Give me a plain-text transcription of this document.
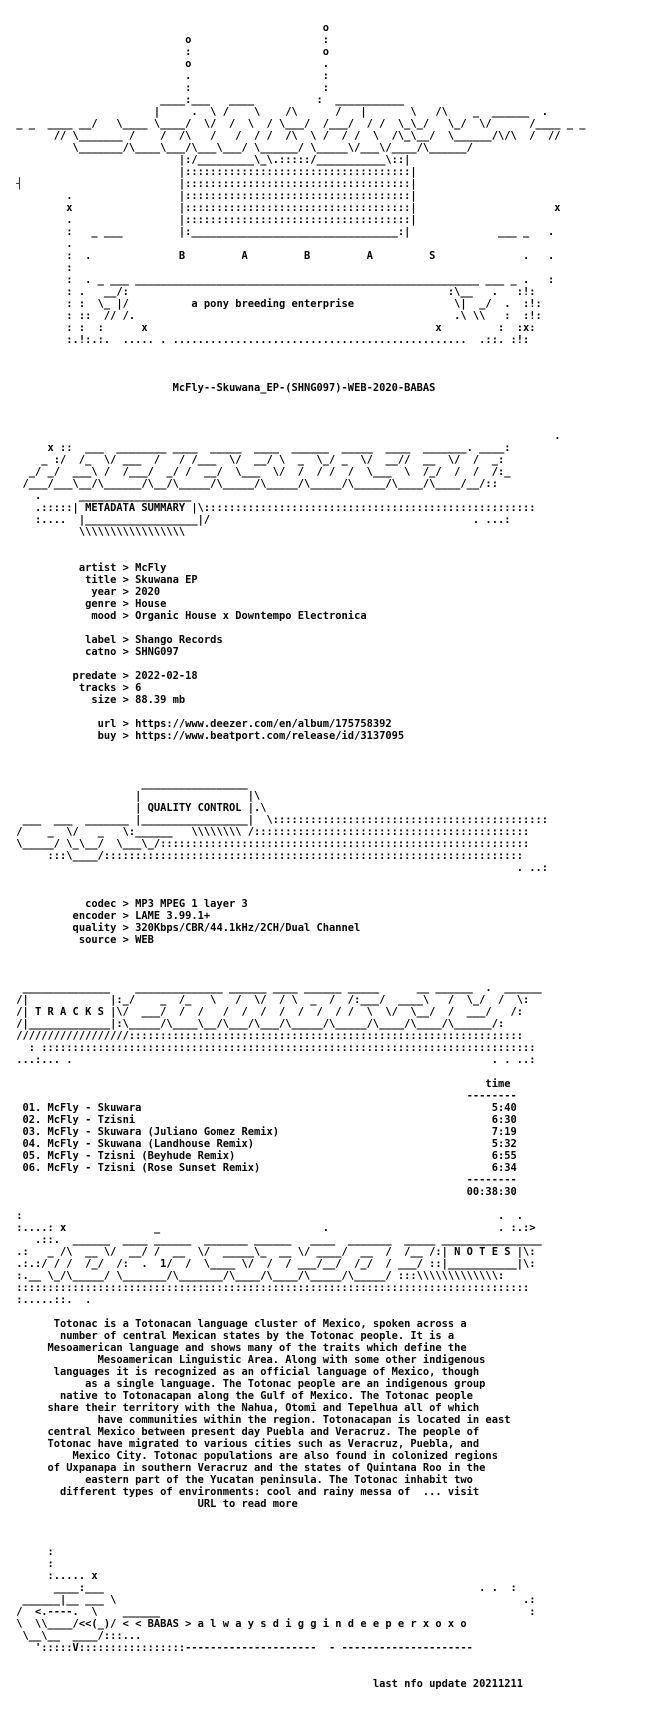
o
o                     :
:                     o
o                     .
.                     :
:                     :
____:___   ____          :  ___________
|     .  \ /    \    /\      /   |       \   /\    _  ______  .
_ _  ____ __/   \____ \____/  \/  /  \  / \___/  /___/  / /  \_\_/   \_/  \/      /____ _ _
// \_______ /    /  /\   /   /  / /  /\  \ /  / /  \  /\_\__/  \______/\/\  /  //
\_______/\____\___/\___\___/ \______/ \_____\/___\/____/\______/
|:/_________\_\.:::::/___________\::|
|::::::::::::::::::::::::::::::::::::|
┤                         |::::::::::::::::::::::::::::::::::::|
.                 |::::::::::::::::::::::::::::::::::::|
x                 |::::::::::::::::::::::::::::::::::::|                      x
.                 |::::::::::::::::::::::::::::::::::::|
:   _ ___         |:_________________________________:|              ___ _   .
.
:  .              B         A         B         A         S              .   .
:
:  . _ ___ _______________________________________________________ ___ _ .   :
: .   __/:                                                   :\__   .   :!:
: :  \_ |/          a pony breeding enterprise                \|  _/  .  :!:
: ::  // /.                                                   .\ \\   :  :!:
: :  :      x                                              x         :  :x:
:.!:.:.  ..... . ...............................................  .::. :!:

McFly--Skuwana_EP-(SHNG097)-WEB-2020-BABAS

.
x ::  ___  ________ ____  _____  ____  ______  _____  ____  _______. ____:
_ :/  /_  \/ ___  /   / /___  \/  __/ \  _  \_/ _  \/  __//  __  \/  /  _:
_/ _/  ___\ /  /___/  _/ /  __/  \___  \/  /  / /  /  \___  \  /_/  /  /  /:_
/___/___\__/\______/\__/\_____/\_____/\_____/\_____/\_____/\____/\____/__/::
.      __________________
.:::::| METADATA SUMMARY |\:::::::::::::::::::::::::::::::::::::::::::::::::::::
:....  |__________________|/                                          . ...:
\\\\\\\\\\\\\\\\\

artist > McFly
title > Skuwana EP
year > 2020
genre > House
mood > Organic House x Downtempo Electronica

label > Shango Records
catno > SHNG097

predate > 2022-02-18
tracks > 6
size > 88.39 mb

url > https://www.deezer.com/en/album/175758392
buy > https://www.beatport.com/release/id/3137095

_________________
|                 |\
| QUALITY CONTROL |.\
___  ___  _______ |_________________|  \::::::::::::::::::::::::::::::::::::::::::::
/    _  \/   _   \:______   \\\\\\\\ /::::::::::::::::::::::::::::::::::::::::::::
\_____/ \_\__/  \___\_/:::::::::::::::::::::::::::::::::::::::::::::::::::::::::::
:::\____/:::::::::::::::::::::::::::::::::::::::::::::::::::::::::::::::::::
. ..:

codec > MP3 MPEG 1 layer 3
encoder > LAME 3.99.1+
quality > 320Kbps/CBR/44.1kHz/2CH/Dual Channel
source > WEB

______________    ______________ ______ ____ ______ _____      __ ______  .  ______
/|             |:_/    _  /_   \   /  \/  / \  _  /  /:___/  ____\   /  \_/  /  \:
/| T R A C K S |\/  ___/  /  /   /  /  /  /  /  /  / /  \  \/  \__/  /  ___/   /:
/|_____________|:\_____/\____\__/\___/\___/\_____/\_____/\____/\____/\______/:
//////////////////:::::::::::::::::::::::::::::::::::::::::::::::::::::::::::::::
: :::::::::::::::::::::::::::::::::::::::::::::::::::::::::::::::::::::::::::::::
...:... .                                                                   . . ..:

time
--------
01. McFly - Skuwara                                                        5:40
02. McFly - Tzisni                                                         6:30
03. McFly - Skuwara (Juliano Gomez Remix)                                  7:19
04. McFly - Skuwana (Landhouse Remix)                                      5:32
05. McFly - Tzisni (Beyhude Remix)                                         6:55
06. McFly - Tzisni (Rose Sunset Remix)                                     6:34
--------
00:38:30

:                                                                            .  .
:....: x              _                          .                           . :.:>
.::.  ______  ____ ______  _______ ______   ____  _______  _____ ________________
.:   _ /\  __ \/  __/ /  __  \/  _____\_  __ \/ ____/  __  /  /__ /:| N O T E S |\:
.:.:/ / /  /_/  /:  .  1/  /  \____ \/  /  / ___/__/  /_/  / ___/ ::|___________|\:
:.__ \_/\_____/ \_______/\_______/\____/\____/\_____/\_____/ :::\\\\\\\\\\\\\:
::::::::::::::::::::::::::::::::::::::::::::::::::::::::::::::::::::::::::::::::::
:.....::.  .

Totonac is a Totonacan language cluster of Mexico, spoken across a
number of central Mexican states by the Totonac people. It is a
Mesoamerican language and shows many of the traits which define the
Mesoamerican Linguistic Area. Along with some other indigenous
languages it is recognized as an official language of Mexico, though
as a single language. The Totonac people are an indigenous group
native to Totonacapan along the Gulf of Mexico. The Totonac people
share their territory with the Nahua, Otomi and Tepelhua all of which
have communities within the region. Totonacapan is located in east
central Mexico between present day Puebla and Veracruz. The people of
Totonac have migrated to various cities such as Veracruz, Puebla, and
Mexico City. Totonac populations are also found in colonized regions
of Uxpanapa in southern Veracruz and the states of Quintana Roo in the
eastern part of the Yucatan peninsula. The Totonac inhabit two
different types of environments: cool and rainy messa of  ... visit
URL to read more

:
:
:..... x
____:___                                                            . .  :
______|__ ___ \                                                                 .:
/  <.----.  \    ______                                                           :
\  \\____/<<(_)/ < < BABAS > a l w a y s d i g g i n d e e p e r x o x o
\__\__  ____/:::...
':::::V:::::::::::::::::---------------------  - ---------------------

last nfo update 20211211
